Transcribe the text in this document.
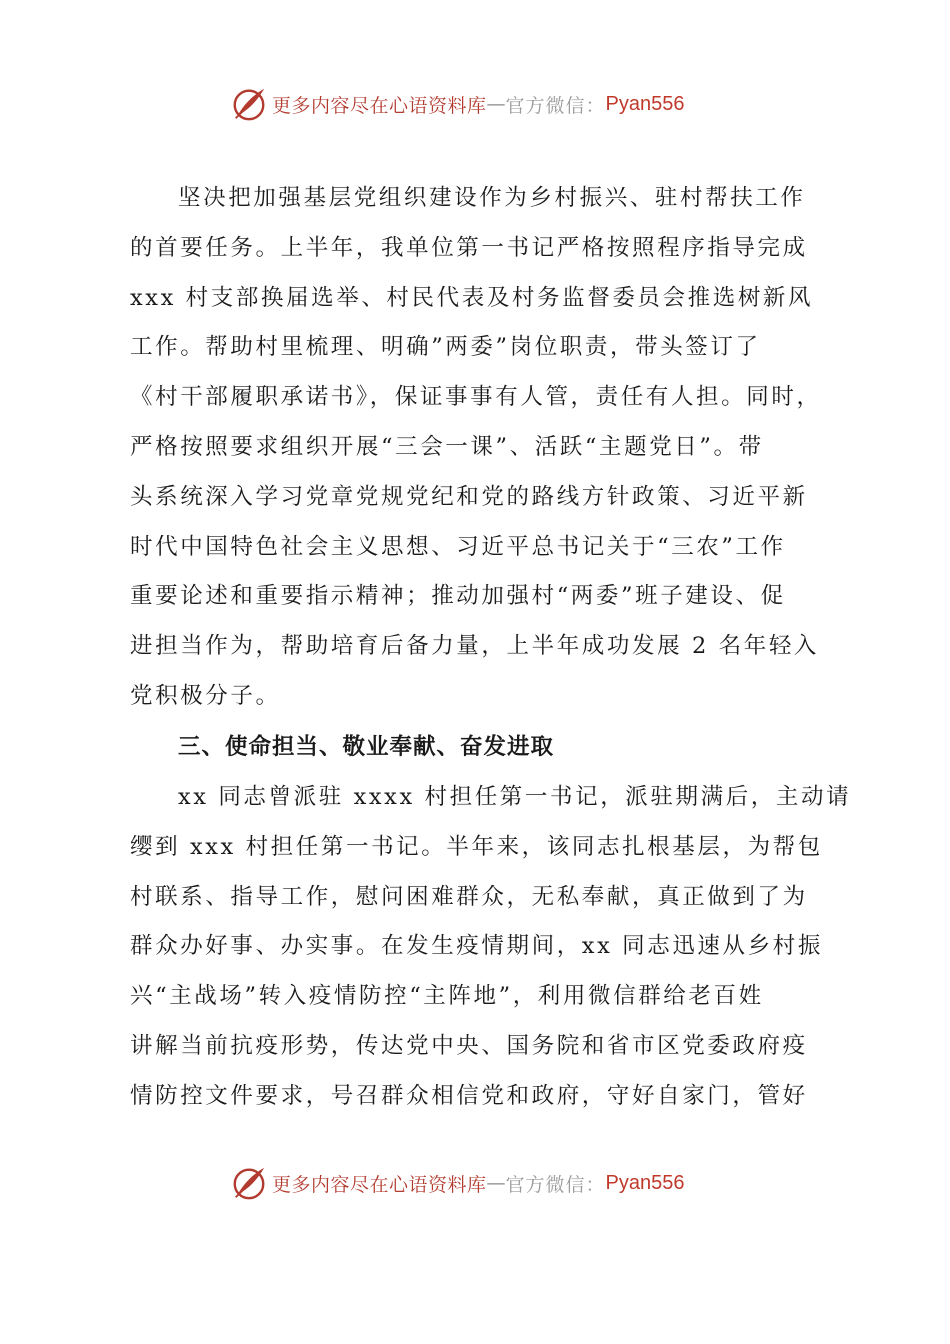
更多内容尽在心语资料库 — 官方微信： Pyan556
坚决把加强基层党组织建设作为乡村振兴、驻村帮扶工作
的首要任务。上半年，我单位第一书记严格按照程序指导完成
xxx 村支部换届选举、村民代表及村务监督委员会推选树新风
工作。帮助村里梳理、明确”两委”岗位职责，带头签订了
《村干部履职承诺书》，保证事事有人管，责任有人担。同时，
严格按照要求组织开展“三会一课”、活跃“主题党日”。带
头系统深入学习党章党规党纪和党的路线方针政策、习近平新
时代中国特色社会主义思想、习近平总书记关于“三农”工作
重要论述和重要指示精神；推动加强村“两委”班子建设、促
进担当作为，帮助培育后备力量，上半年成功发展 2 名年轻入
党积极分子。
三、使命担当、敬业奉献、奋发进取
xx 同志曾派驻 xxxx 村担任第一书记，派驻期满后，主动请
缨到 xxx 村担任第一书记。半年来，该同志扎根基层，为帮包
村联系、指导工作，慰问困难群众，无私奉献，真正做到了为
群众办好事、办实事。在发生疫情期间，xx 同志迅速从乡村振
兴“主战场”转入疫情防控“主阵地”，利用微信群给老百姓
讲解当前抗疫形势，传达党中央、国务院和省市区党委政府疫
情防控文件要求，号召群众相信党和政府，守好自家门，管好
更多内容尽在心语资料库 — 官方微信： Pyan556
